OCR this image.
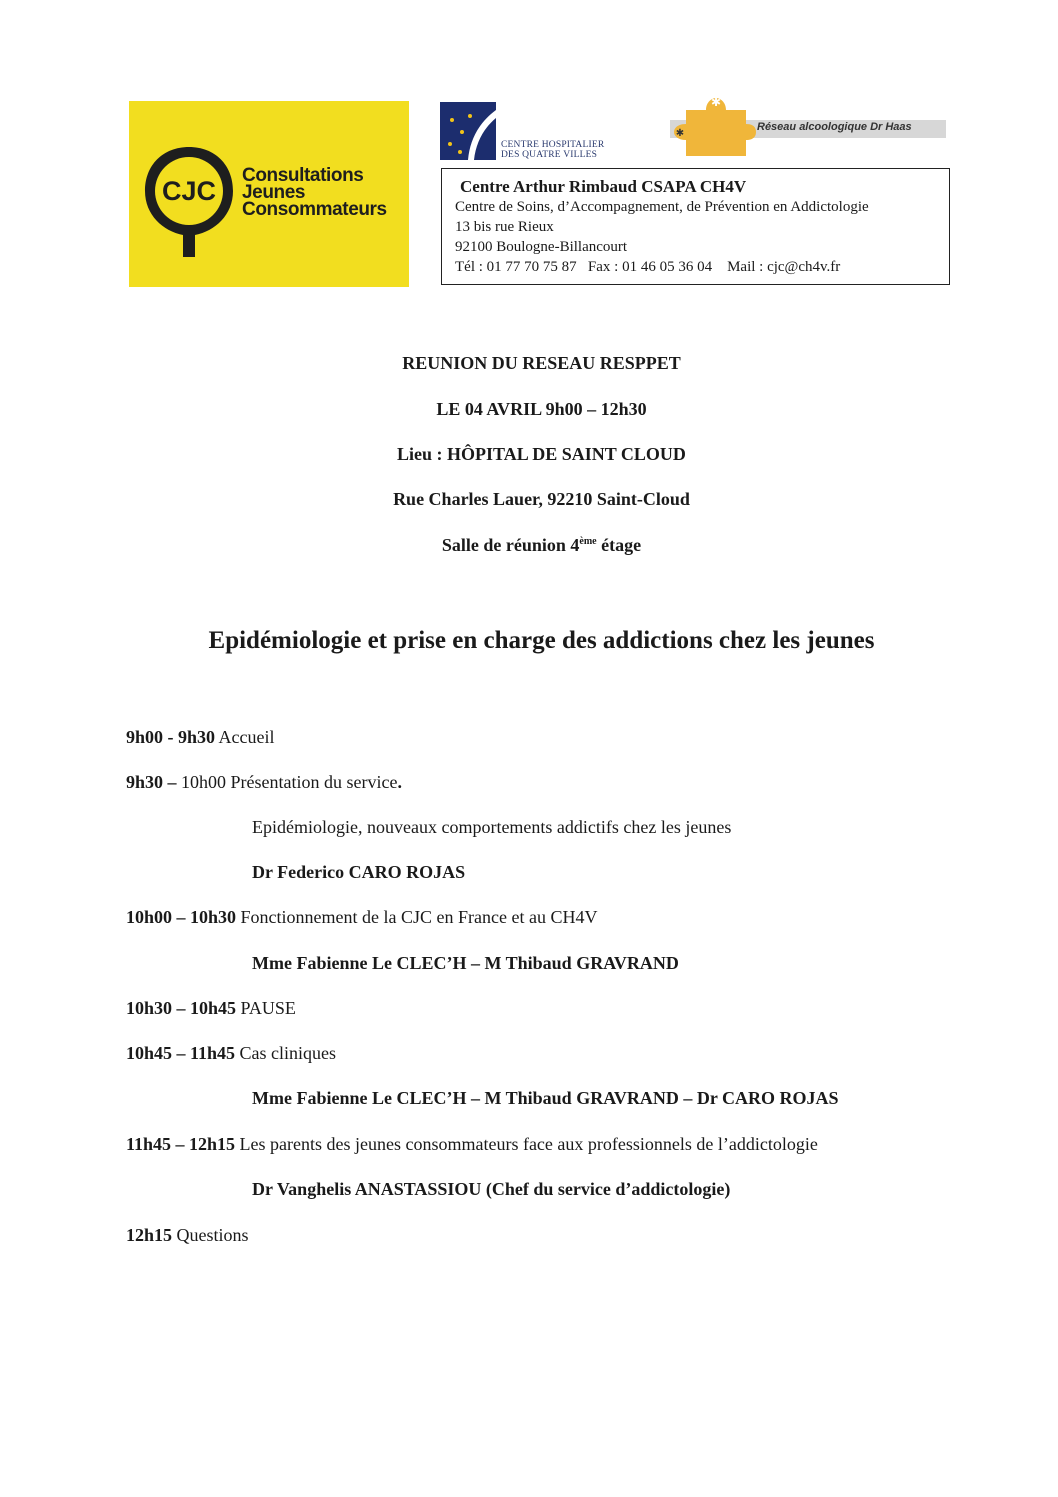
CJC
Consultations
Jeunes
Consommateurs
CENTRE HOSPITALIER
DES QUATRE VILLES
✱
✱
Réseau alcoologique Dr Haas
Centre Arthur Rimbaud CSAPA CH4V
Centre de Soins, d’Accompagnement, de Prévention en Addictologie
13 bis rue Rieux
92100 Boulogne-Billancourt
Tél : 01 77 70 75 87   Fax : 01 46 05 36 04    Mail : cjc@ch4v.fr
REUNION DU RESEAU RESPPET
LE 04 AVRIL 9h00 – 12h30
Lieu : HÔPITAL DE SAINT CLOUD
Rue Charles Lauer, 92210 Saint-Cloud
Salle de réunion 4ème étage
Epidémiologie et prise en charge des addictions chez les jeunes
9h00 - 9h30 Accueil
9h30 – 10h00 Présentation du service.
Epidémiologie, nouveaux comportements addictifs chez les jeunes
Dr Federico CARO ROJAS
10h00 – 10h30 Fonctionnement de la CJC en France et au CH4V
Mme Fabienne Le CLEC’H – M Thibaud GRAVRAND
10h30 – 10h45 PAUSE
10h45 – 11h45 Cas cliniques
Mme Fabienne Le CLEC’H – M Thibaud GRAVRAND – Dr CARO ROJAS
11h45 – 12h15 Les parents des jeunes consommateurs face aux professionnels de l’addictologie
Dr Vanghelis ANASTASSIOU (Chef du service d’addictologie)
12h15 Questions
